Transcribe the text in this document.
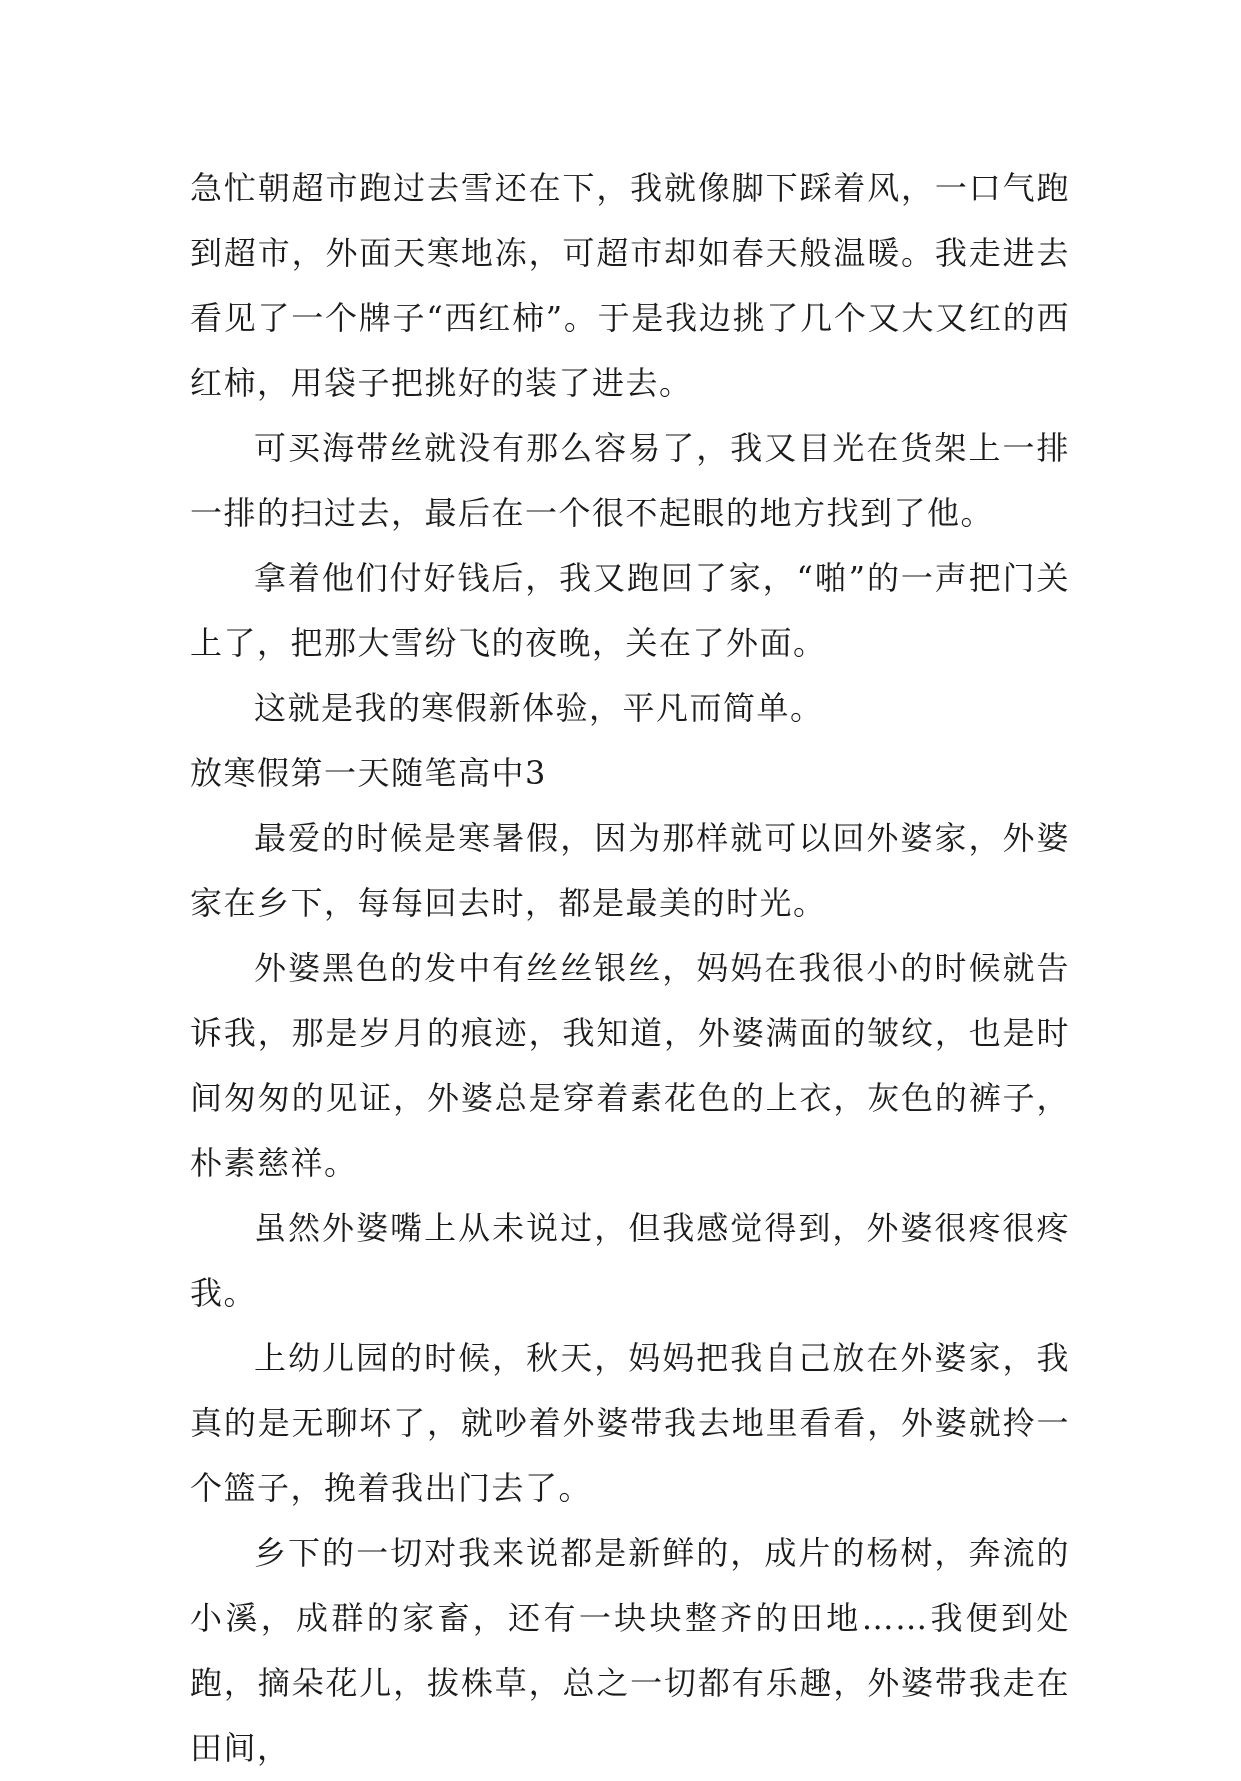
急忙朝超市跑过去雪还在下，我就像脚下踩着风，一口气跑到超市，外面天寒地冻，可超市却如春天般温暖。我走进去看见了一个牌子“西红柿”。于是我边挑了几个又大又红的西红柿，用袋子把挑好的装了进去。

可买海带丝就没有那么容易了，我又目光在货架上一排一排的扫过去，最后在一个很不起眼的地方找到了他。

拿着他们付好钱后，我又跑回了家，“啪”的一声把门关上了，把那大雪纷飞的夜晚，关在了外面。

这就是我的寒假新体验，平凡而简单。

放寒假第一天随笔高中3

最爱的时候是寒暑假，因为那样就可以回外婆家，外婆家在乡下，每每回去时，都是最美的时光。

外婆黑色的发中有丝丝银丝，妈妈在我很小的时候就告诉我，那是岁月的痕迹，我知道，外婆满面的皱纹，也是时间匆匆的见证，外婆总是穿着素花色的上衣，灰色的裤子，朴素慈祥。

虽然外婆嘴上从未说过，但我感觉得到，外婆很疼很疼我。

上幼儿园的时候，秋天，妈妈把我自己放在外婆家，我真的是无聊坏了，就吵着外婆带我去地里看看，外婆就拎一个篮子，挽着我出门去了。

乡下的一切对我来说都是新鲜的，成片的杨树，奔流的小溪，成群的家畜，还有一块块整齐的田地……我便到处跑，摘朵花儿，拔株草，总之一切都有乐趣，外婆带我走在田间，
